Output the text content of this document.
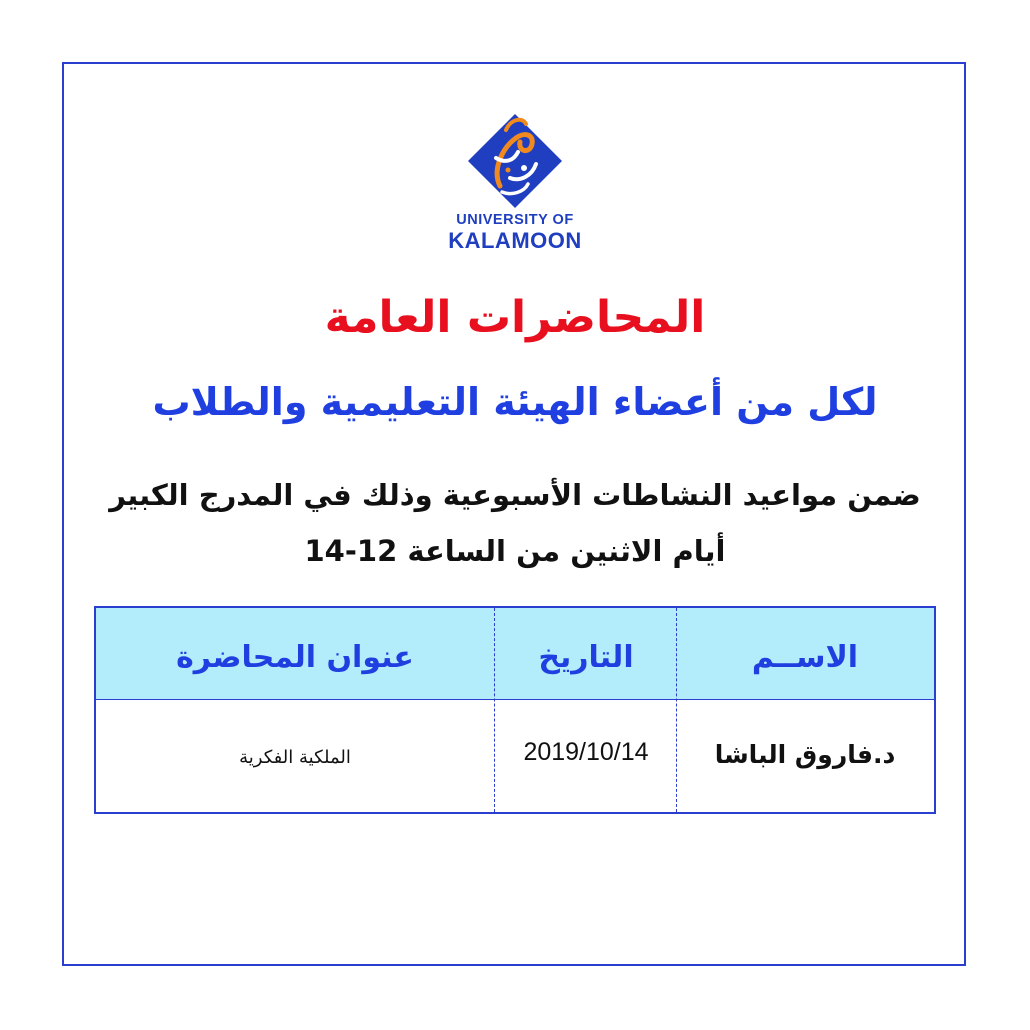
UNIVERSITY OF
KALAMOON
المحاضرات العامة
لكل من أعضاء الهيئة التعليمية والطلاب
ضمن مواعيد النشاطات الأسبوعية وذلك في المدرج الكبير
أيام الاثنين من الساعة 12-14
الاســم
التاريخ
عنوان المحاضرة
د.فاروق الباشا
2019/10/14
الملكية الفكرية
